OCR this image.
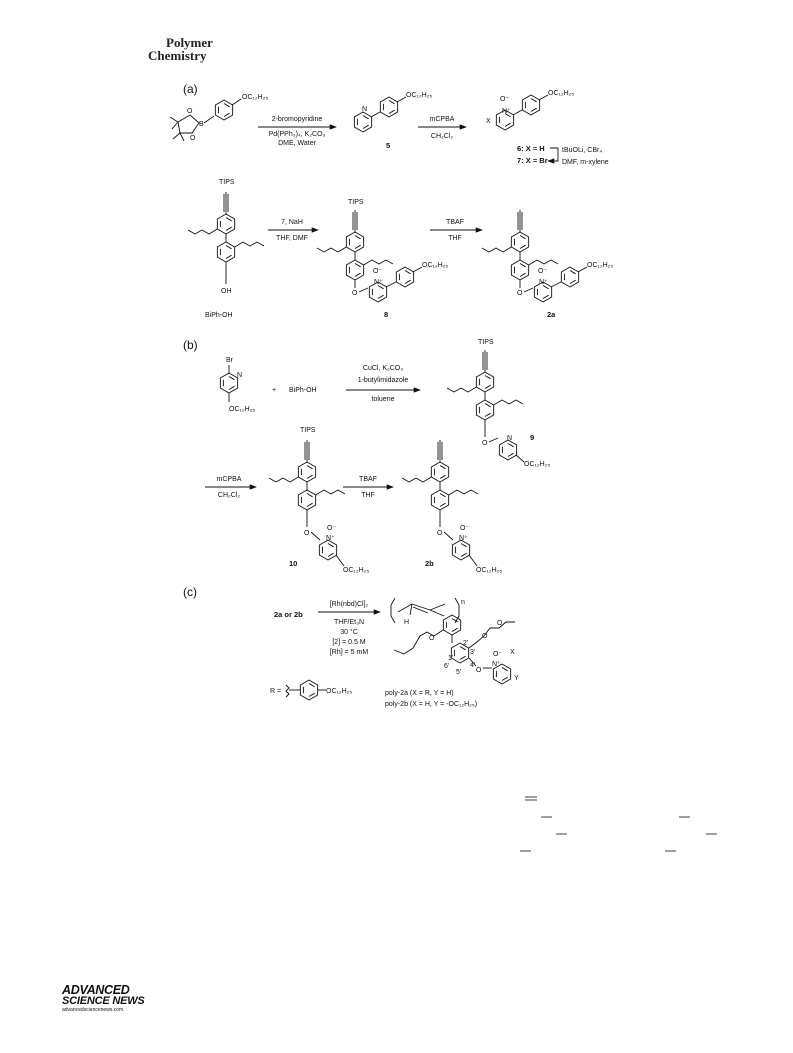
Polymer
Chemistry
(a)
B
O
O
OC₁₂H₂₅
2-bromopyridine
Pd(PPh₃)₄, K₂CO₃
DME, Water
N
OC₁₂H₂₅
5
mCPBA
CH₂Cl₂
X
N⁺
O⁻
OC₁₂H₂₅
6: X = H
7: X = Br
tBuOLi, CBr₄
DMF, m-xylene
TIPS
OH
BiPh-OH
7, NaH
THF, DMF
TIPS
O
N⁺
O⁻
OC₁₂H₂₅
8
TBAF
THF
O
N⁺
O⁻
OC₁₂H₂₅
2a
(b)
Br
N
OC₁₂H₂₅
+ BiPh-OH
CuCl, K₂CO₃
1-butylimidazole
toluene
TIPS
O
N
OC₁₂H₂₅
9
mCPBA
CH₂Cl₂
TIPS
O
N⁺
O⁻
OC₁₂H₂₅
10
TBAF
THF
O
N⁺
O⁻
OC₁₂H₂₅
2b
(c)
2a or 2b
[Rh(nbd)Cl]₂
THF/Et₃N
30 °C
[2] = 0.5 M
[Rh] = 5 mM
H
n
O	O
O
O
N⁺
O⁻ X
Y
1'
2'
3'
4'
5'
6'
R =	OC₁₂H₂₅	poly-2a (X = R, Y = H)
poly-2b (X = H, Y = -OC₁₂H₂₅)
ADVANCED
SCIENCE NEWS
advancedsciencenews.com
